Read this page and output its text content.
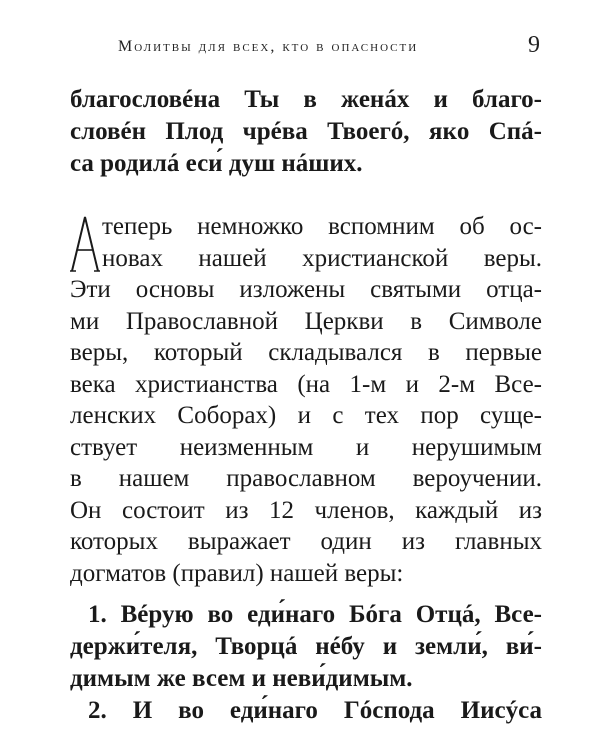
Молитвы для всех, кто в опасности	9

благословéна Ты в женáх и благо-
словéн Плод чрéва Твоегó, якo Спá-
са родилá еси́ душ нáших.

А	теперь немножко вспомним об ос-
новах нашей христианской веры.
Эти основы изложены святыми отца-
ми Православной Церкви в Символе
веры, который складывался в первые
века христианства (на 1-м и 2-м Все-
ленских Соборах) и с тех пор суще-
ствует неизменным и нерушимым
в нашем православном вероучении.
Он состоит из 12 членов, каждый из
которых выражает один из главных
догматов (правил) нашей веры:

1. Вéрую во еди́наго Бóга Отцá, Все-
держи́теля, Творцá нéбу и земли́, ви́-
димым же всем и неви́димым.
2. И во еди́наго Гóспода Иисýса
